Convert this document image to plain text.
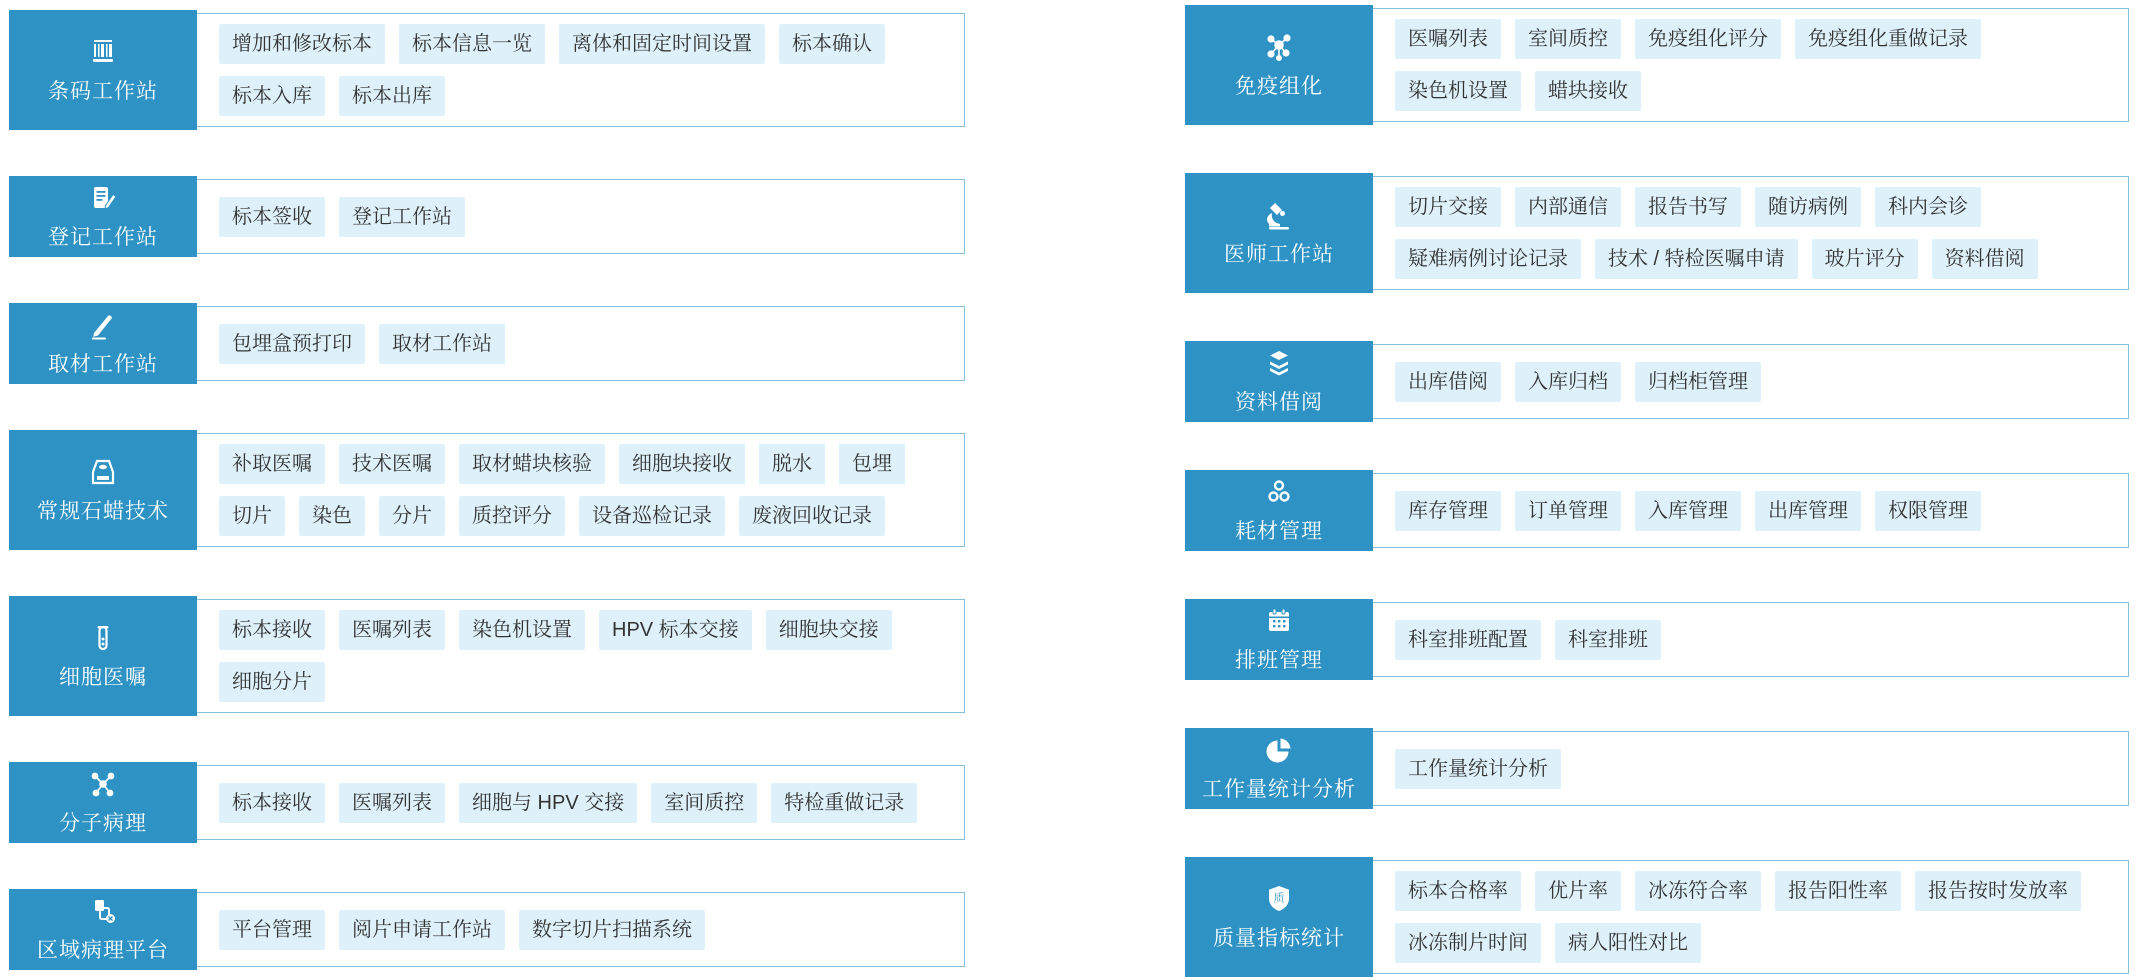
条码工作站
增加和修改标本	标本信息一览	离体和固定时间设置	标本确认
标本入库	标本出库
登记工作站
标本签收	登记工作站
取材工作站
包埋盒预打印	取材工作站
常规石蜡技术
补取医嘱	技术医嘱	取材蜡块核验	细胞块接收	脱水	包埋
切片	染色	分片	质控评分	设备巡检记录	废液回收记录
细胞医嘱
标本接收	医嘱列表	染色机设置	HPV 标本交接	细胞块交接
细胞分片
分子病理
标本接收	医嘱列表	细胞与 HPV 交接	室间质控	特检重做记录
区域病理平台
平台管理	阅片申请工作站	数字切片扫描系统
免疫组化
医嘱列表	室间质控	免疫组化评分	免疫组化重做记录
染色机设置	蜡块接收
医师工作站
切片交接	内部通信	报告书写	随访病例	科内会诊
疑难病例讨论记录	技术 / 特检医嘱申请	玻片评分	资料借阅
资料借阅
出库借阅	入库归档	归档柜管理
耗材管理
库存管理	订单管理	入库管理	出库管理	权限管理
排班管理
科室排班配置	科室排班
工作量统计分析
工作量统计分析
质
质量指标统计
标本合格率	优片率	冰冻符合率	报告阳性率	报告按时发放率
冰冻制片时间	病人阳性对比
